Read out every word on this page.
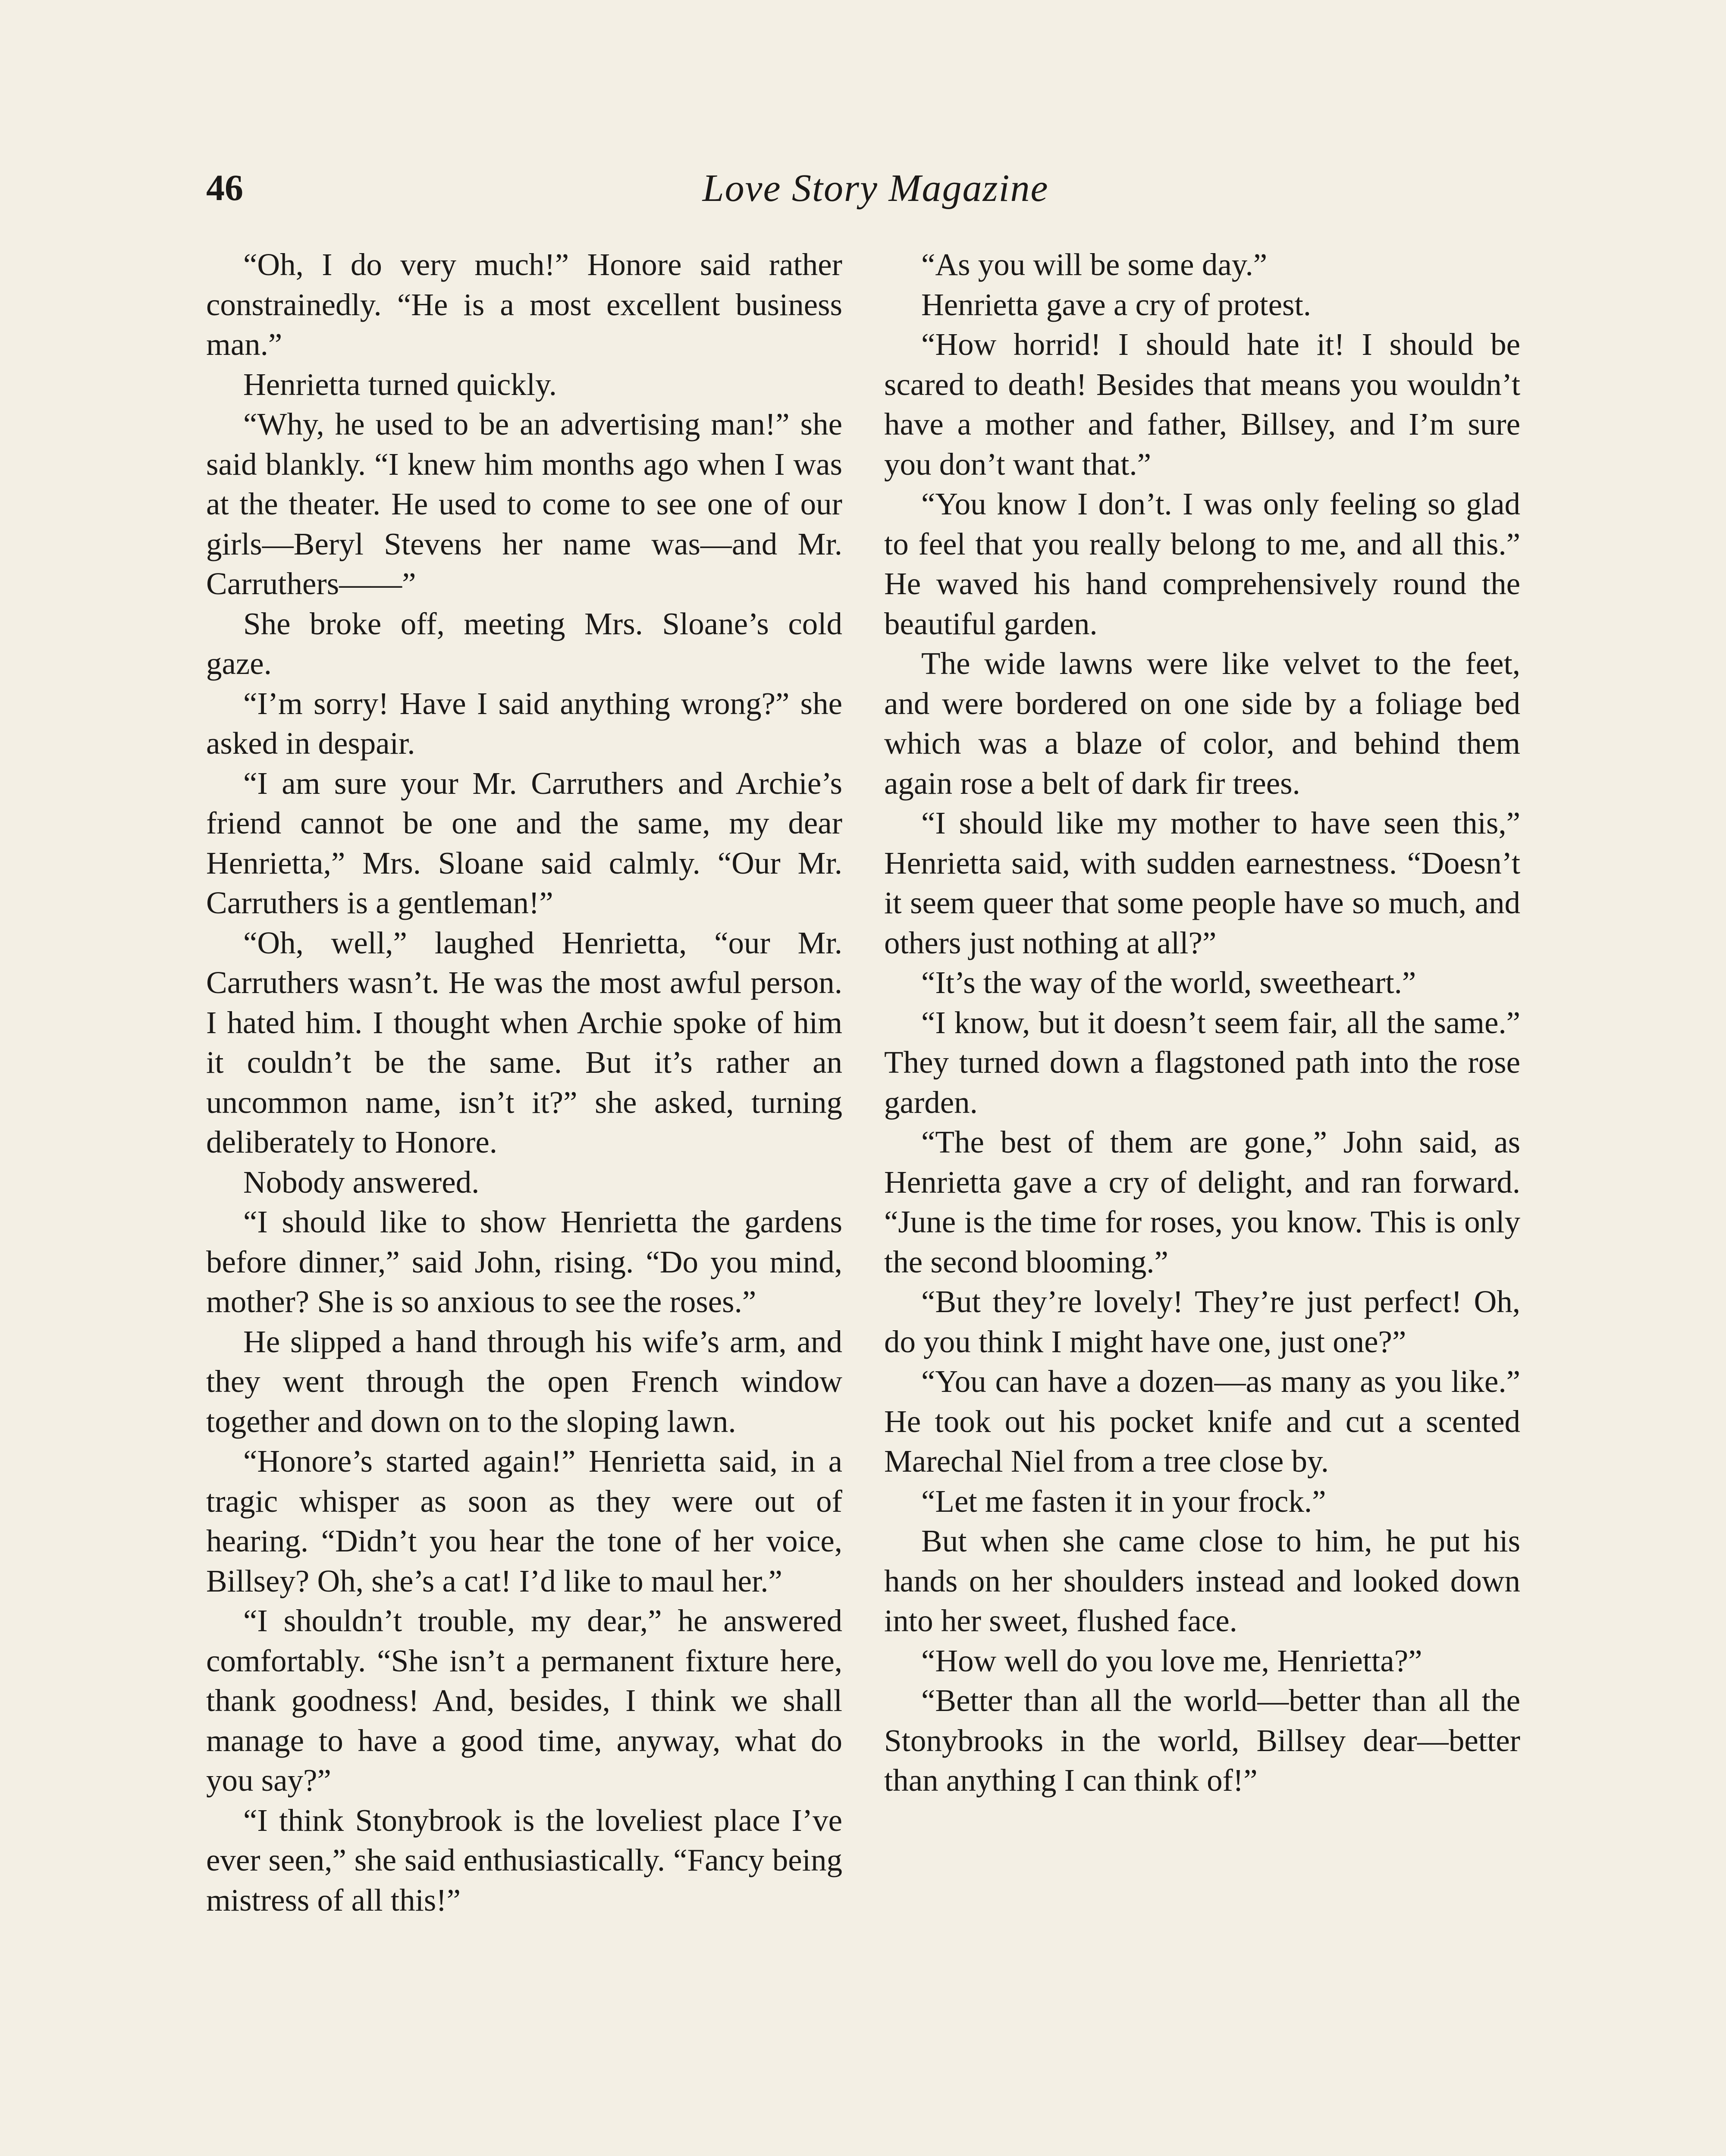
46	Love Story Magazine

“Oh, I do very much!” Honore said rather constrainedly. “He is a most excellent business man.”

Henrietta turned quickly.

“Why, he used to be an advertising man!” she said blankly. “I knew him months ago when I was at the theater. He used to come to see one of our girls—Beryl Stevens her name was—and Mr. Carruthers——”

She broke off, meeting Mrs. Sloane’s cold gaze.

“I’m sorry! Have I said anything wrong?” she asked in despair.

“I am sure your Mr. Carruthers and Archie’s friend cannot be one and the same, my dear Henrietta,” Mrs. Sloane said calmly. “Our Mr. Carruthers is a gentleman!”

“Oh, well,” laughed Henrietta, “our Mr. Carruthers wasn’t. He was the most awful person. I hated him. I thought when Archie spoke of him it couldn’t be the same. But it’s rather an uncommon name, isn’t it?” she asked, turning deliberately to Honore.

Nobody answered.

“I should like to show Henrietta the gardens before dinner,” said John, rising. “Do you mind, mother? She is so anxious to see the roses.”

He slipped a hand through his wife’s arm, and they went through the open French window together and down on to the sloping lawn.

“Honore’s started again!” Henrietta said, in a tragic whisper as soon as they were out of hearing. “Didn’t you hear the tone of her voice, Billsey? Oh, she’s a cat! I’d like to maul her.”

“I shouldn’t trouble, my dear,” he answered comfortably. “She isn’t a permanent fixture here, thank goodness! And, besides, I think we shall manage to have a good time, anyway, what do you say?”

“I think Stonybrook is the loveliest place I’ve ever seen,” she said enthusiastically. “Fancy being mistress of all this!”

“As you will be some day.”

Henrietta gave a cry of protest.

“How horrid! I should hate it! I should be scared to death! Besides that means you wouldn’t have a mother and father, Billsey, and I’m sure you don’t want that.”

“You know I don’t. I was only feeling so glad to feel that you really belong to me, and all this.” He waved his hand comprehensively round the beautiful garden.

The wide lawns were like velvet to the feet, and were bordered on one side by a foliage bed which was a blaze of color, and behind them again rose a belt of dark fir trees.

“I should like my mother to have seen this,” Henrietta said, with sudden earnestness. “Doesn’t it seem queer that some people have so much, and others just nothing at all?”

“It’s the way of the world, sweetheart.”

“I know, but it doesn’t seem fair, all the same.” They turned down a flagstoned path into the rose garden.

“The best of them are gone,” John said, as Henrietta gave a cry of delight, and ran forward. “June is the time for roses, you know. This is only the second blooming.”

“But they’re lovely! They’re just perfect! Oh, do you think I might have one, just one?”

“You can have a dozen—as many as you like.” He took out his pocket knife and cut a scented Marechal Niel from a tree close by.

“Let me fasten it in your frock.”

But when she came close to him, he put his hands on her shoulders instead and looked down into her sweet, flushed face.

“How well do you love me, Henrietta?”

“Better than all the world—better than all the Stonybrooks in the world, Billsey dear—better than anything I can think of!”
